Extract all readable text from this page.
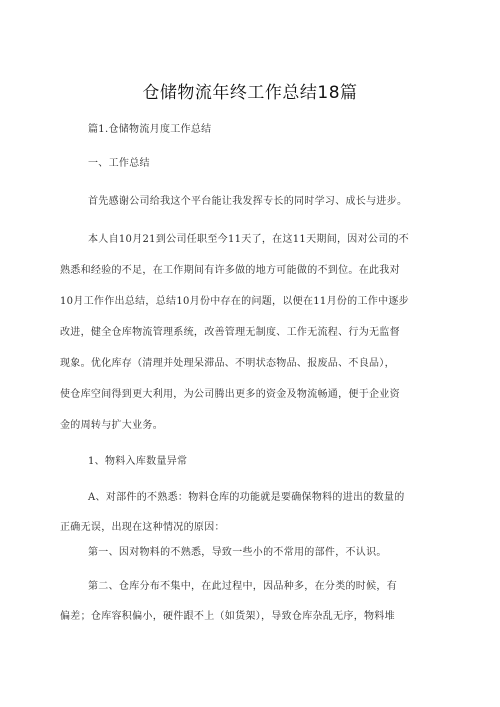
仓储物流年终工作总结18篇
篇1.仓储物流月度工作总结
一、工作总结
首先感谢公司给我这个平台能让我发挥专长的同时学习、成长与进步。
本人自10月21到公司任职至今11天了，在这11天期间，因对公司的不
熟悉和经验的不足，在工作期间有许多做的地方可能做的不到位。在此我对
10月工作作出总结，总结10月份中存在的问题，以便在11月份的工作中逐步
改进，健全仓库物流管理系统，改善管理无制度、工作无流程、行为无监督
现象。优化库存（清理并处理呆滞品、不明状态物品、报废品、不良品），
使仓库空间得到更大利用，为公司腾出更多的资金及物流畅通，便于企业资
金的周转与扩大业务。
1、物料入库数量异常
A、对部件的不熟悉：物料仓库的功能就是要确保物料的进出的数量的
正确无误，出现在这种情况的原因：
第一、因对物料的不熟悉，导致一些小的不常用的部件，不认识。
第二、仓库分布不集中，在此过程中，因品种多，在分类的时候，有
偏差；仓库容积偏小，硬件跟不上（如货架），导致仓库杂乱无序，物料堆
